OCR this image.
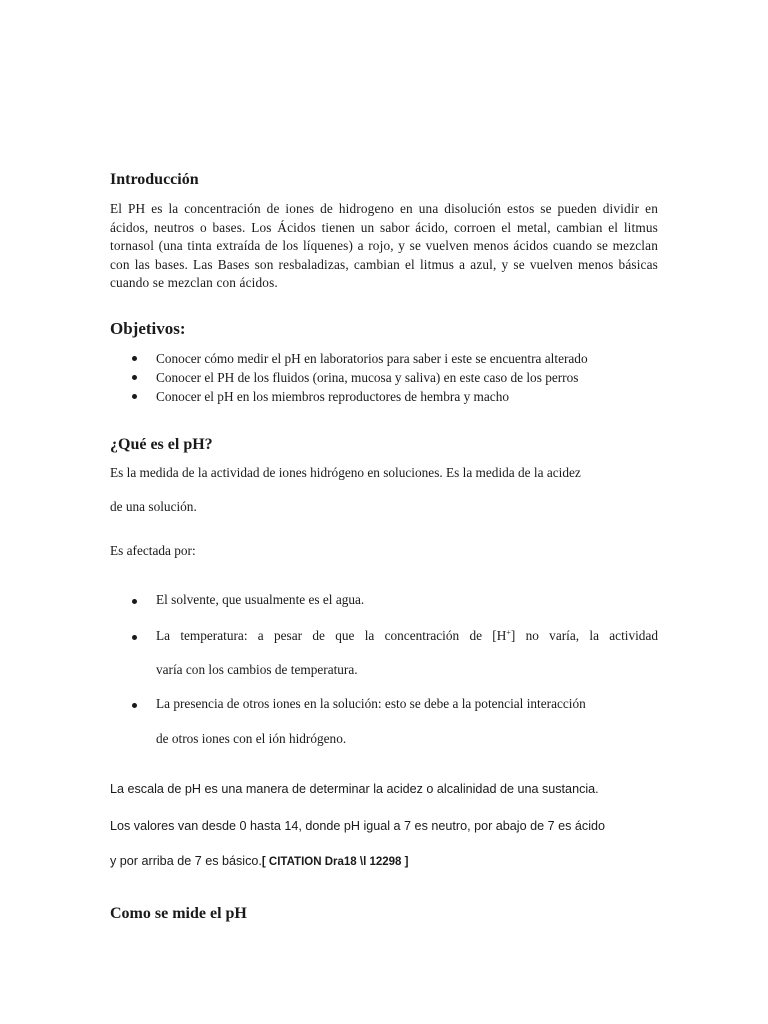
Introducción

El PH es la concentración de iones de hidrogeno en una disolución estos se pueden dividir en ácidos, neutros o bases. Los Ácidos tienen un sabor ácido, corroen el metal, cambian el litmus tornasol (una tinta extraída de los líquenes) a rojo, y se vuelven menos ácidos cuando se mezclan con las bases. Las Bases son resbaladizas, cambian el litmus a azul, y se vuelven menos básicas cuando se mezclan con ácidos.

Objetivos:
Conocer cómo medir el pH en laboratorios para saber i este se encuentra alterado
Conocer el PH de los fluidos (orina, mucosa y saliva) en este caso de los perros
Conocer el pH en los miembros reproductores de hembra y macho
¿Qué es el pH?

Es la medida de la actividad de iones hidrógeno en soluciones. Es la medida de la acidez

de una solución.

Es afectada por:

El solvente, que usualmente es el agua.
La temperatura: a pesar de que la concentración de [H+] no varía, la actividad
varía con los cambios de temperatura.
La presencia de otros iones en la solución: esto se debe a la potencial interacción
de otros iones con el ión hidrógeno.

La escala de pH es una manera de determinar la acidez o alcalinidad de una sustancia.

Los valores van desde 0 hasta 14, donde pH igual a 7 es neutro, por abajo de 7 es ácido

y por arriba de 7 es básico.[ CITATION Dra18 \l 12298 ]

Como se mide el pH
